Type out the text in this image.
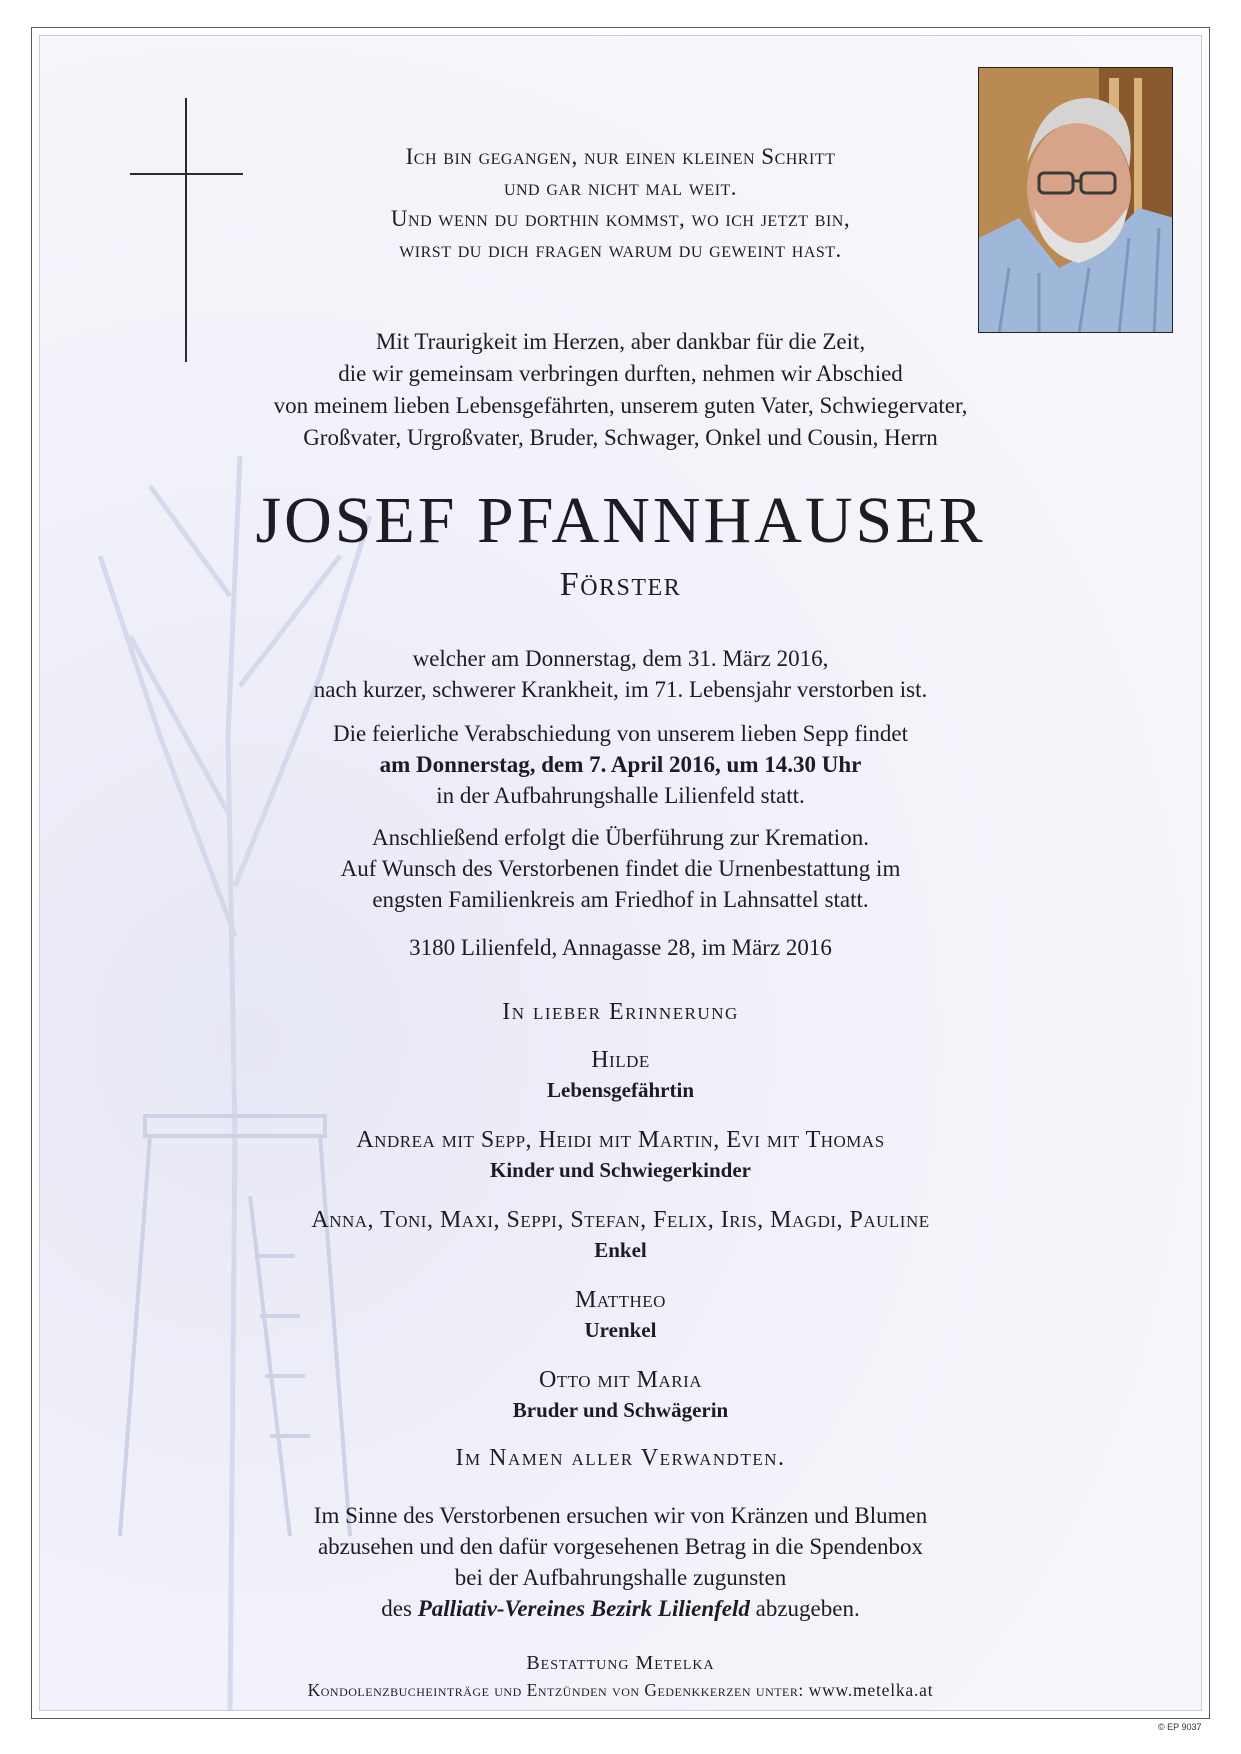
Ich bin gegangen, nur einen kleinen Schritt
und gar nicht mal weit.
Und wenn du dorthin kommst, wo ich jetzt bin,
wirst du dich fragen warum du geweint hast.
Mit Traurigkeit im Herzen, aber dankbar für die Zeit,
die wir gemeinsam verbringen durften, nehmen wir Abschied
von meinem lieben Lebensgefährten, unserem guten Vater, Schwiegervater,
Großvater, Urgroßvater, Bruder, Schwager, Onkel und Cousin, Herrn
JOSEF PFANNHAUSER
Förster
welcher am Donnerstag, dem 31. März 2016,
nach kurzer, schwerer Krankheit, im 71. Lebensjahr verstorben ist.
Die feierliche Verabschiedung von unserem lieben Sepp findet
am Donnerstag, dem 7. April 2016, um 14.30 Uhr
in der Aufbahrungshalle Lilienfeld statt.
Anschließend erfolgt die Überführung zur Kremation.
Auf Wunsch des Verstorbenen findet die Urnenbestattung im
engsten Familienkreis am Friedhof in Lahnsattel statt.
3180 Lilienfeld, Annagasse 28, im März 2016
In lieber Erinnerung
Hilde
Lebensgefährtin
Andrea mit Sepp, Heidi mit Martin, Evi mit Thomas
Kinder und Schwiegerkinder
Anna, Toni, Maxi, Seppi, Stefan, Felix, Iris, Magdi, Pauline
Enkel
Mattheo
Urenkel
Otto mit Maria
Bruder und Schwägerin
Im Namen aller Verwandten.
Im Sinne des Verstorbenen ersuchen wir von Kränzen und Blumen
abzusehen und den dafür vorgesehenen Betrag in die Spendenbox
bei der Aufbahrungshalle zugunsten
des Palliativ-Vereines Bezirk Lilienfeld abzugeben.
Bestattung Metelka
Kondolenzbucheinträge und Entzünden von Gedenkkerzen unter: www.metelka.at
© EP 9037
